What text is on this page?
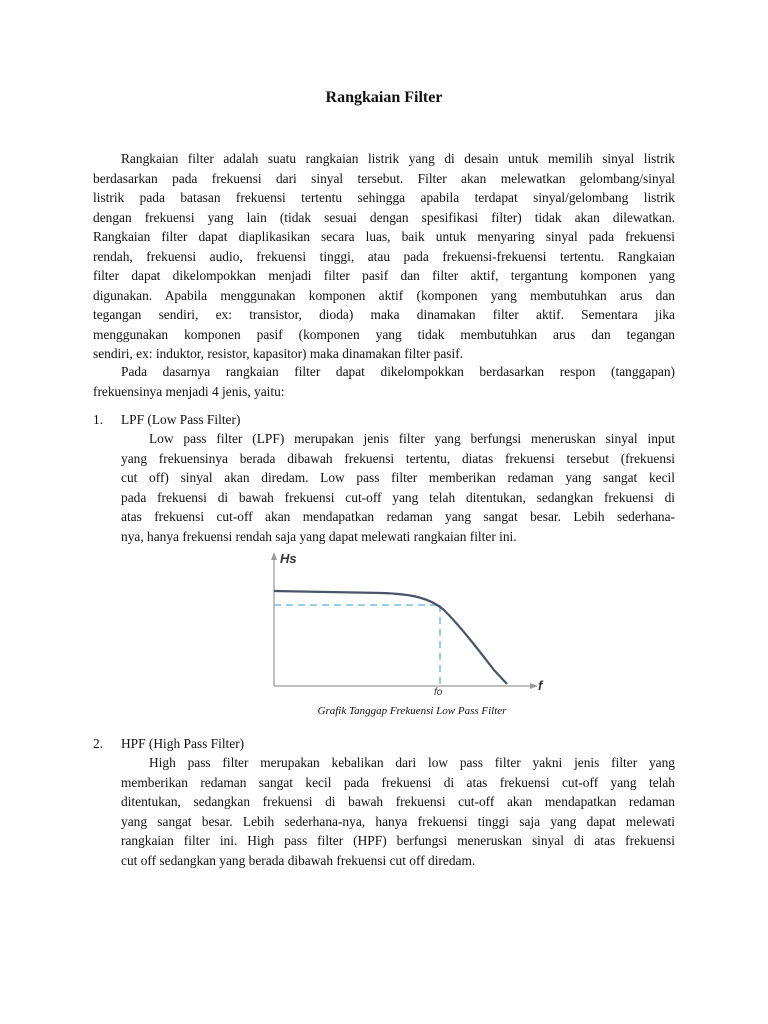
Rangkaian Filter
Rangkaian filter adalah suatu rangkaian listrik yang di desain untuk memilih sinyal listrik
berdasarkan pada frekuensi dari sinyal tersebut. Filter akan melewatkan gelombang/sinyal
listrik pada batasan frekuensi tertentu sehingga apabila terdapat sinyal/gelombang listrik
dengan frekuensi yang lain (tidak sesuai dengan spesifikasi filter) tidak akan dilewatkan.
Rangkaian filter dapat diaplikasikan secara luas, baik untuk menyaring sinyal pada frekuensi
rendah, frekuensi audio, frekuensi tinggi, atau pada frekuensi-frekuensi tertentu. Rangkaian
filter dapat dikelompokkan menjadi filter pasif dan filter aktif, tergantung komponen yang
digunakan. Apabila menggunakan komponen aktif (komponen yang membutuhkan arus dan
tegangan sendiri, ex: transistor, dioda) maka dinamakan filter aktif. Sementara jika
menggunakan komponen pasif (komponen yang tidak membutuhkan arus dan tegangan
sendiri, ex: induktor, resistor, kapasitor) maka dinamakan filter pasif.
Pada dasarnya rangkaian filter dapat dikelompokkan berdasarkan respon (tanggapan)
frekuensinya menjadi 4 jenis, yaitu:
1.	LPF (Low Pass Filter)
Low pass filter (LPF) merupakan jenis filter yang berfungsi meneruskan sinyal input
yang frekuensinya berada dibawah frekuensi tertentu, diatas frekuensi tersebut (frekuensi
cut off) sinyal akan diredam. Low pass filter memberikan redaman yang sangat kecil
pada frekuensi di bawah frekuensi cut-off yang telah ditentukan, sedangkan frekuensi di
atas frekuensi cut-off akan mendapatkan redaman yang sangat besar. Lebih sederhana-
nya, hanya frekuensi rendah saja yang dapat melewati rangkaian filter ini.
Hs
f
fo
Grafik Tanggap Frekuensi Low Pass Filter
2.	HPF (High Pass Filter)
High pass filter merupakan kebalikan dari low pass filter yakni jenis filter yang
memberikan redaman sangat kecil pada frekuensi di atas frekuensi cut-off yang telah
ditentukan, sedangkan frekuensi di bawah frekuensi cut-off akan mendapatkan redaman
yang sangat besar. Lebih sederhana-nya, hanya frekuensi tinggi saja yang dapat melewati
rangkaian filter ini. High pass filter (HPF) berfungsi meneruskan sinyal di atas frekuensi
cut off sedangkan yang berada dibawah frekuensi cut off diredam.
